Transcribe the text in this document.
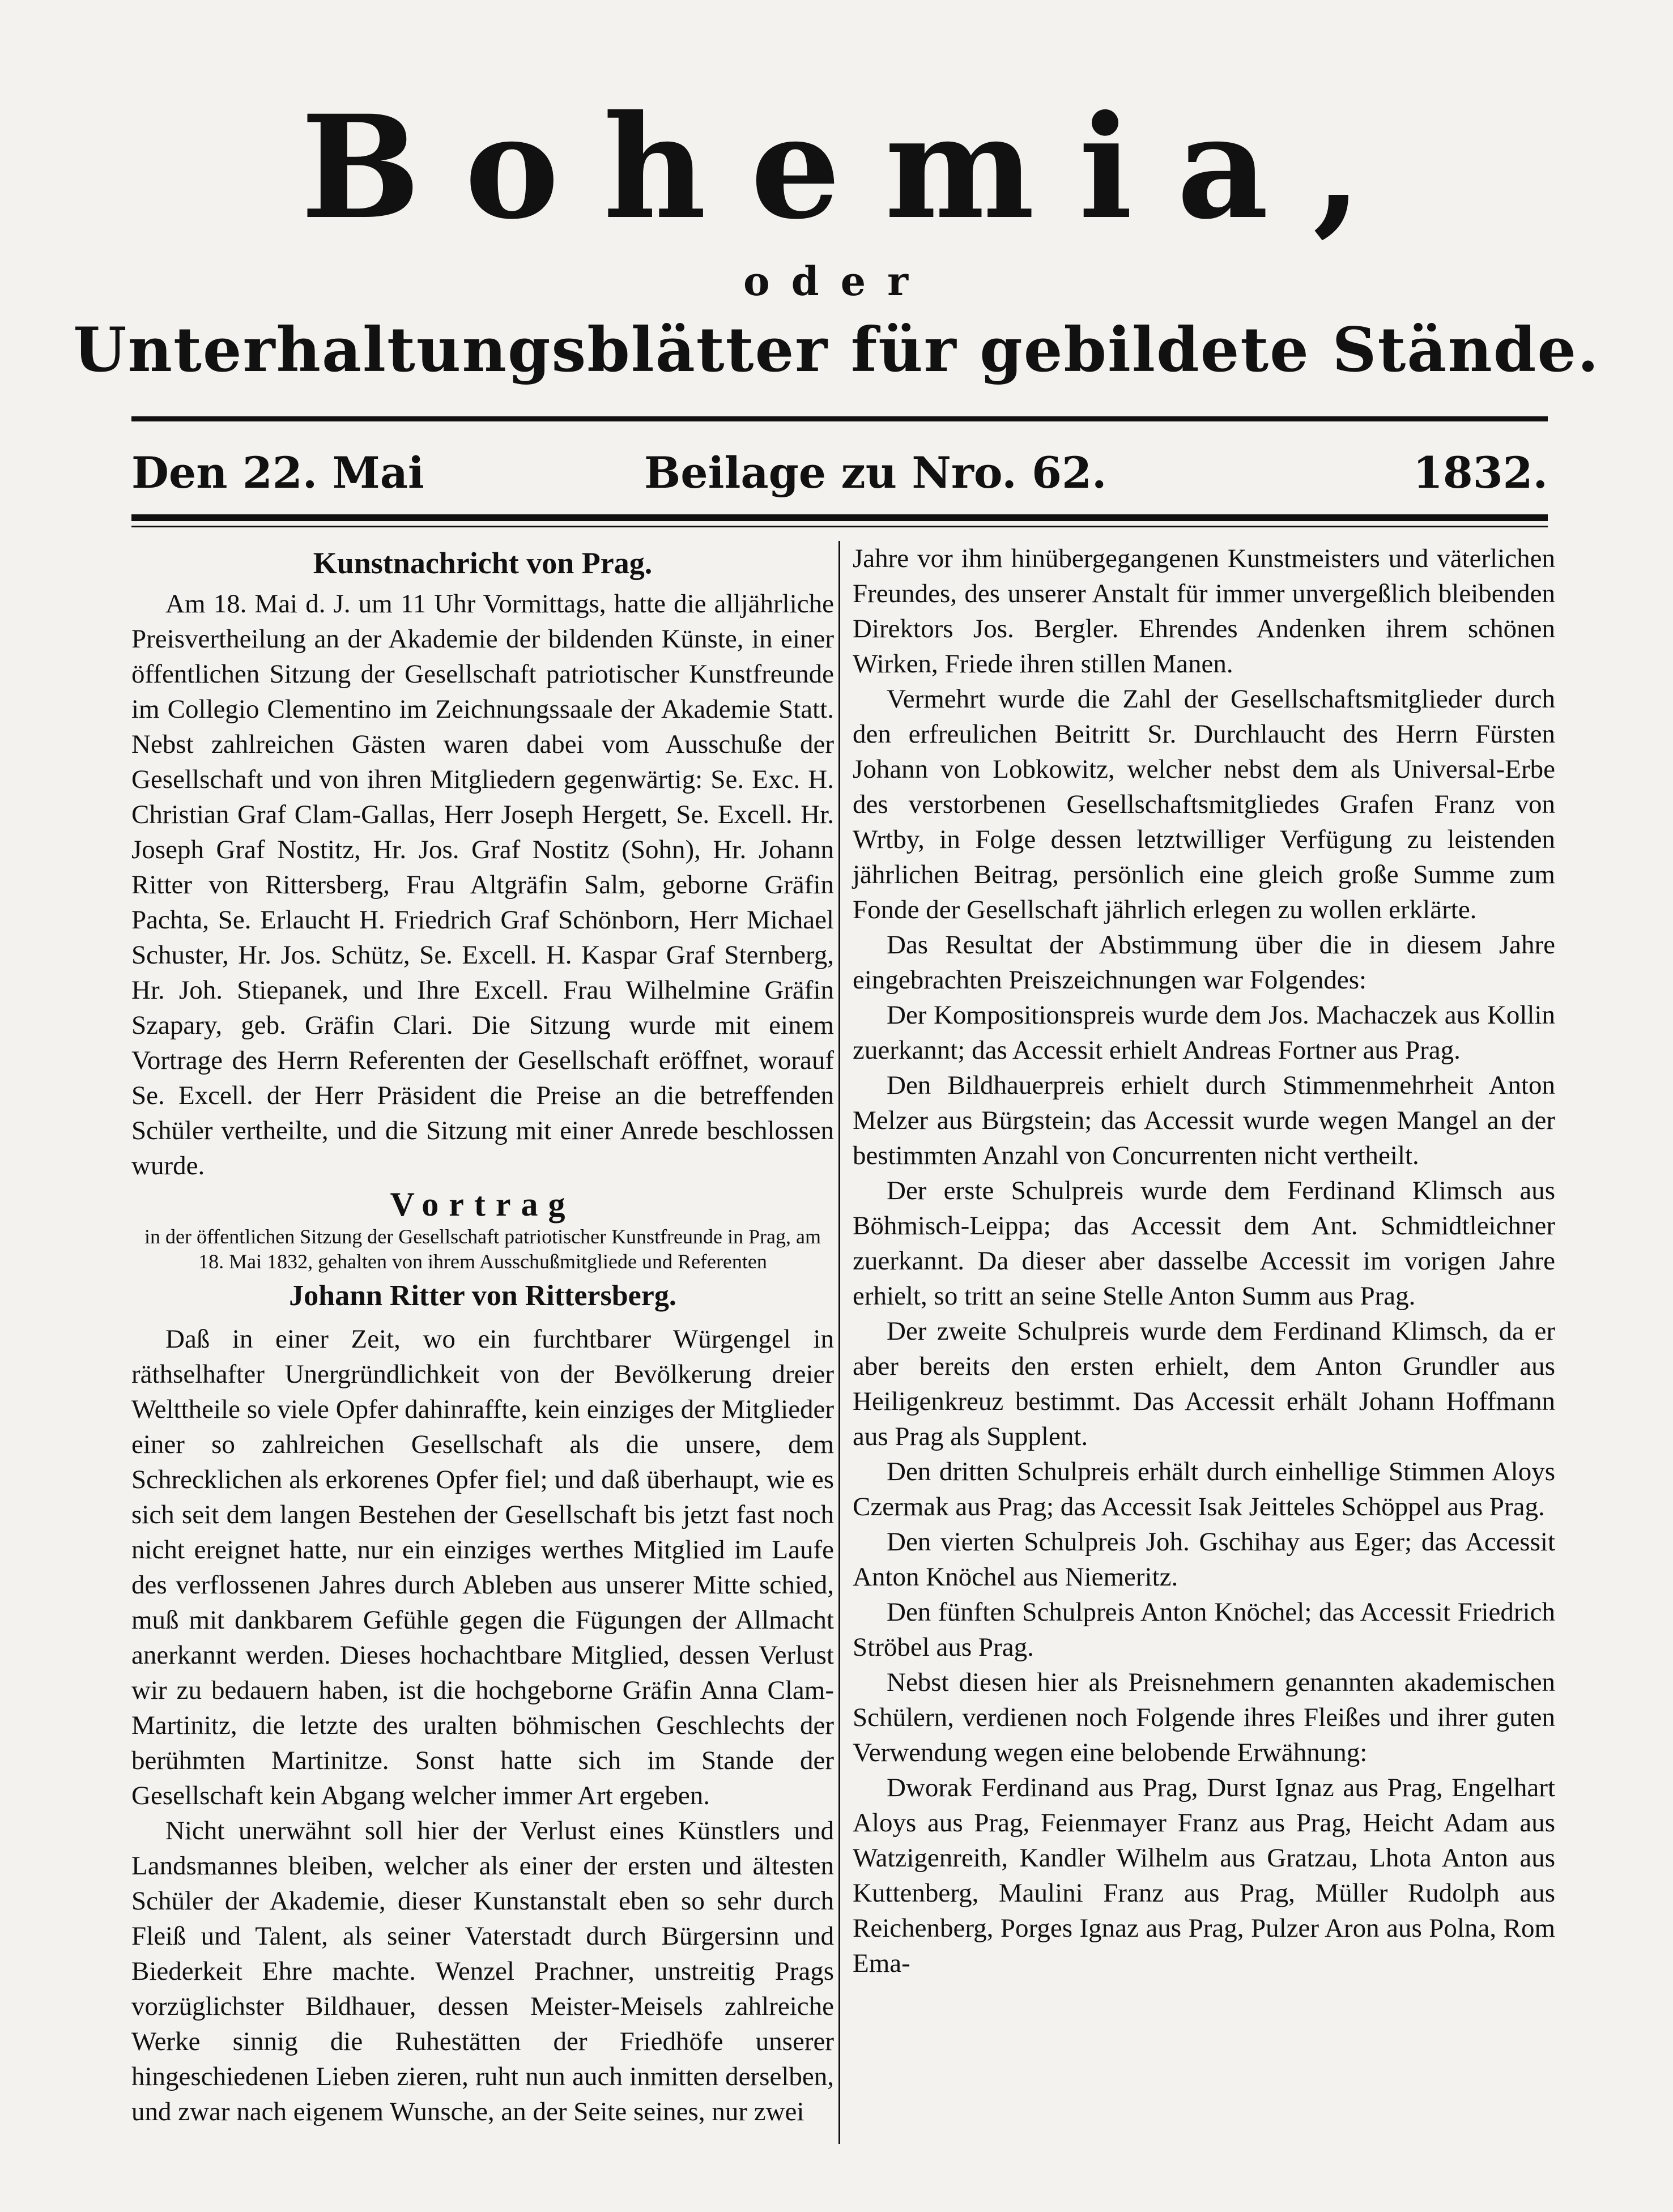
Bohemia,
oder
Unterhaltungsblätter für gebildete Stände.
Den 22. Mai	Beilage zu Nro. 62.	1832.
Kunstnachricht von Prag.

Am 18. Mai d. J. um 11 Uhr Vormittags, hatte die alljährliche Preisvertheilung an der Akademie der bildenden Künste, in einer öffentlichen Sitzung der Gesellschaft patriotischer Kunstfreunde im Collegio Clementino im Zeichnungssaale der Akademie Statt. Nebst zahlreichen Gästen waren dabei vom Ausschuße der Gesellschaft und von ihren Mitgliedern gegenwärtig: Se. Exc. H. Christian Graf Clam-Gallas, Herr Joseph Hergett, Se. Excell. Hr. Joseph Graf Nostitz, Hr. Jos. Graf Nostitz (Sohn), Hr. Johann Ritter von Rittersberg, Frau Altgräfin Salm, geborne Gräfin Pachta, Se. Erlaucht H. Friedrich Graf Schönborn, Herr Michael Schuster, Hr. Jos. Schütz, Se. Excell. H. Kaspar Graf Sternberg, Hr. Joh. Stiepanek, und Ihre Excell. Frau Wilhelmine Gräfin Szapary, geb. Gräfin Clari. Die Sitzung wurde mit einem Vortrage des Herrn Referenten der Gesellschaft eröffnet, worauf Se. Excell. der Herr Präsident die Preise an die betreffenden Schüler vertheilte, und die Sitzung mit einer Anrede beschlossen wurde.

Vortrag
in der öffentlichen Sitzung der Gesellschaft patriotischer Kunstfreunde in Prag, am 18. Mai 1832, gehalten von ihrem Ausschußmitgliede und Referenten
Johann Ritter von Rittersberg.

Daß in einer Zeit, wo ein furchtbarer Würgengel in räthselhafter Unergründlichkeit von der Bevölkerung dreier Welttheile so viele Opfer dahinraffte, kein einziges der Mitglieder einer so zahlreichen Gesellschaft als die unsere, dem Schrecklichen als erkorenes Opfer fiel; und daß überhaupt, wie es sich seit dem langen Bestehen der Gesellschaft bis jetzt fast noch nicht ereignet hatte, nur ein einziges werthes Mitglied im Laufe des verflossenen Jahres durch Ableben aus unserer Mitte schied, muß mit dankbarem Gefühle gegen die Fügungen der Allmacht anerkannt werden. Dieses hochachtbare Mitglied, dessen Verlust wir zu bedauern haben, ist die hochgeborne Gräfin Anna Clam-Martinitz, die letzte des uralten böhmischen Geschlechts der berühmten Martinitze. Sonst hatte sich im Stande der Gesellschaft kein Abgang welcher immer Art ergeben.

Nicht unerwähnt soll hier der Verlust eines Künstlers und Landsmannes bleiben, welcher als einer der ersten und ältesten Schüler der Akademie, dieser Kunstanstalt eben so sehr durch Fleiß und Talent, als seiner Vaterstadt durch Bürgersinn und Biederkeit Ehre machte. Wenzel Prachner, unstreitig Prags vorzüglichster Bildhauer, dessen Meister-Meisels zahlreiche Werke sinnig die Ruhestätten der Friedhöfe unserer hingeschiedenen Lieben zieren, ruht nun auch inmitten derselben, und zwar nach eigenem Wunsche, an der Seite seines, nur zwei

Jahre vor ihm hinübergegangenen Kunstmeisters und väterlichen Freundes, des unserer Anstalt für immer unvergeßlich bleibenden Direktors Jos. Bergler. Ehrendes Andenken ihrem schönen Wirken, Friede ihren stillen Manen.

Vermehrt wurde die Zahl der Gesellschaftsmitglieder durch den erfreulichen Beitritt Sr. Durchlaucht des Herrn Fürsten Johann von Lobkowitz, welcher nebst dem als Universal-Erbe des verstorbenen Gesellschaftsmitgliedes Grafen Franz von Wrtby, in Folge dessen letztwilliger Verfügung zu leistenden jährlichen Beitrag, persönlich eine gleich große Summe zum Fonde der Gesellschaft jährlich erlegen zu wollen erklärte.

Das Resultat der Abstimmung über die in diesem Jahre eingebrachten Preiszeichnungen war Folgendes:

Der Kompositionspreis wurde dem Jos. Machaczek aus Kollin zuerkannt; das Accessit erhielt Andreas Fortner aus Prag.

Den Bildhauerpreis erhielt durch Stimmenmehrheit Anton Melzer aus Bürgstein; das Accessit wurde wegen Mangel an der bestimmten Anzahl von Concurrenten nicht vertheilt.

Der erste Schulpreis wurde dem Ferdinand Klimsch aus Böhmisch-Leippa; das Accessit dem Ant. Schmidtleichner zuerkannt. Da dieser aber dasselbe Accessit im vorigen Jahre erhielt, so tritt an seine Stelle Anton Summ aus Prag.

Der zweite Schulpreis wurde dem Ferdinand Klimsch, da er aber bereits den ersten erhielt, dem Anton Grundler aus Heiligenkreuz bestimmt. Das Accessit erhält Johann Hoffmann aus Prag als Supplent.

Den dritten Schulpreis erhält durch einhellige Stimmen Aloys Czermak aus Prag; das Accessit Isak Jeitteles Schöppel aus Prag.

Den vierten Schulpreis Joh. Gschihay aus Eger; das Accessit Anton Knöchel aus Niemeritz.

Den fünften Schulpreis Anton Knöchel; das Accessit Friedrich Ströbel aus Prag.

Nebst diesen hier als Preisnehmern genannten akademischen Schülern, verdienen noch Folgende ihres Fleißes und ihrer guten Verwendung wegen eine belobende Erwähnung:

Dworak Ferdinand aus Prag, Durst Ignaz aus Prag, Engelhart Aloys aus Prag, Feienmayer Franz aus Prag, Heicht Adam aus Watzigenreith, Kandler Wilhelm aus Gratzau, Lhota Anton aus Kuttenberg, Maulini Franz aus Prag, Müller Rudolph aus Reichenberg, Porges Ignaz aus Prag, Pulzer Aron aus Polna, Rom Ema-
